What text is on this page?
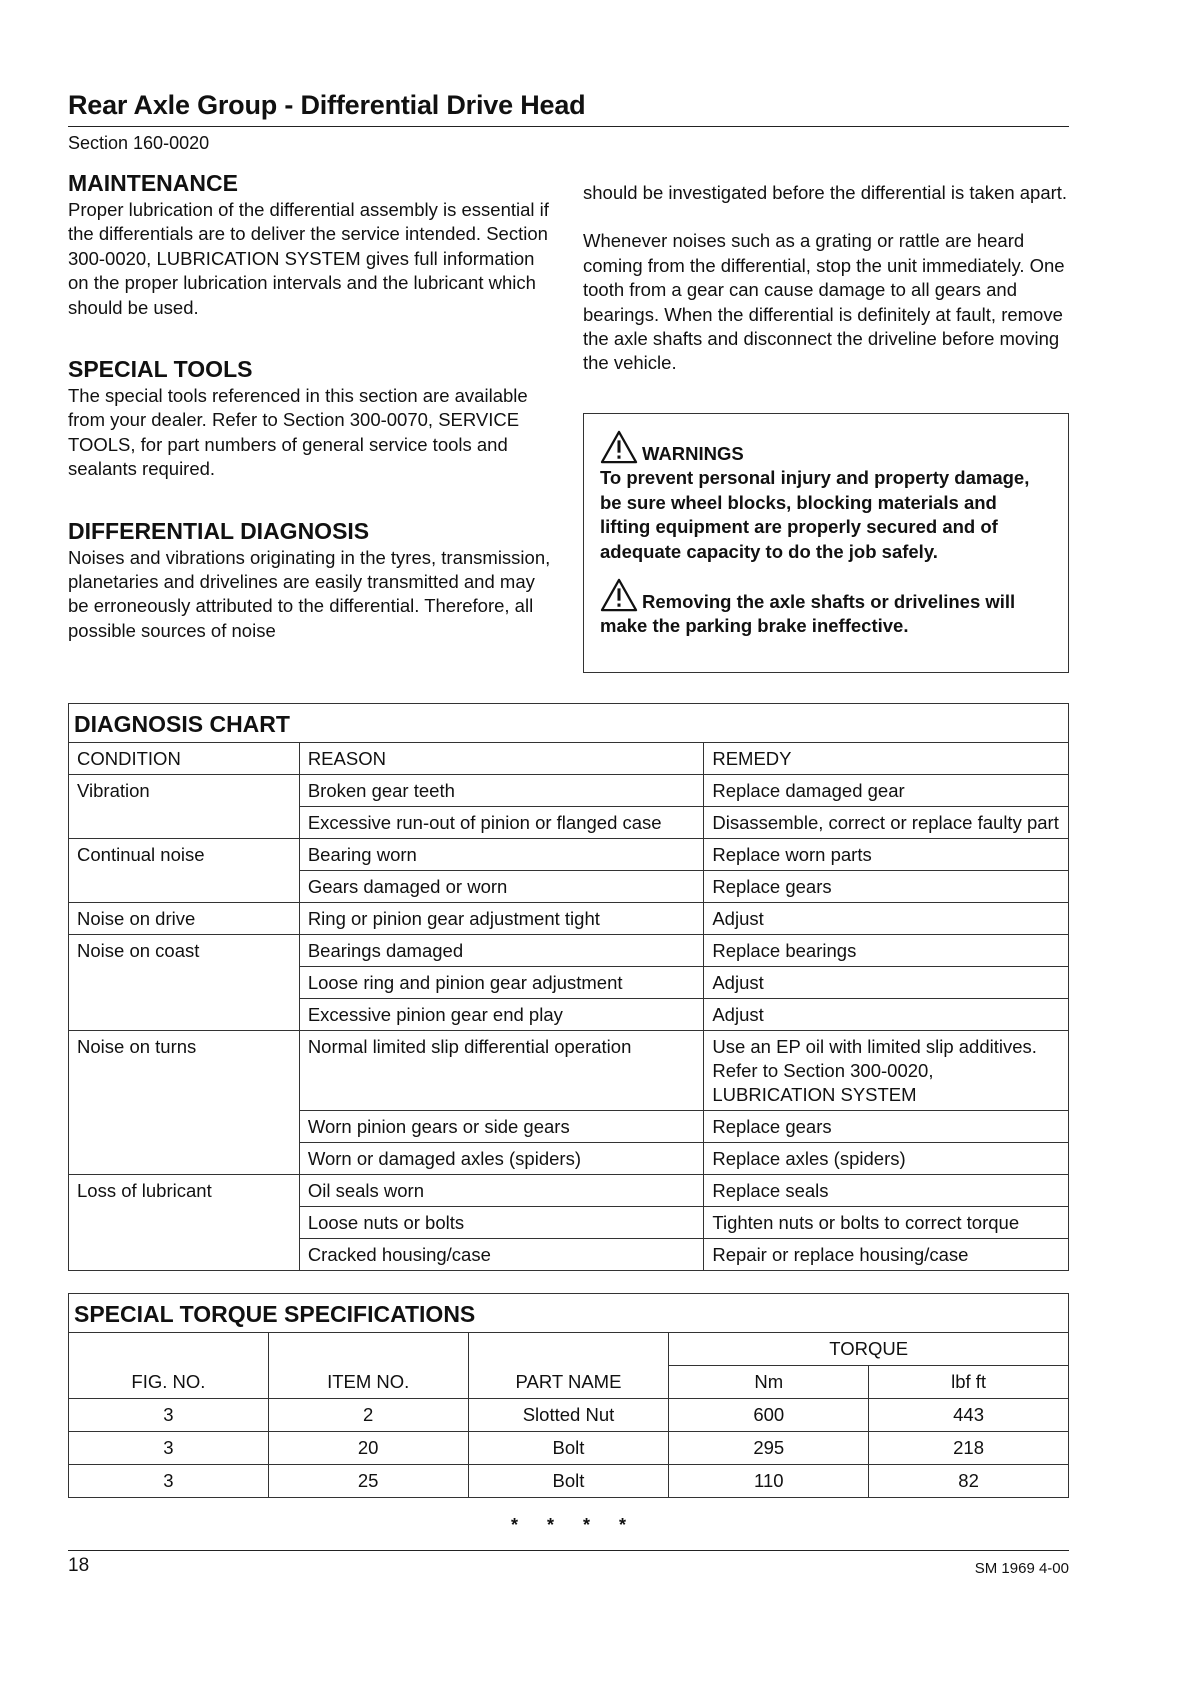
Rear Axle Group - Differential Drive Head
Section 160-0020
MAINTENANCE

Proper lubrication of the differential assembly is essential if the differentials are to deliver the service intended. Section 300-0020, LUBRICATION SYSTEM gives full information on the proper lubrication intervals and the lubricant which should be used.

SPECIAL TOOLS

The special tools referenced in this section are available from your dealer. Refer to Section 300-0070, SERVICE TOOLS, for part numbers of general service tools and sealants required.

DIFFERENTIAL DIAGNOSIS

Noises and vibrations originating in the tyres, transmission, planetaries and drivelines are easily transmitted and may be erroneously attributed to the differential. Therefore, all possible sources of noise

should be investigated before the differential is taken apart.

Whenever noises such as a grating or rattle are heard coming from the differential, stop the unit immediately. One tooth from a gear can cause damage to all gears and bearings. When the differential is definitely at fault, remove the axle shafts and disconnect the driveline before moving the vehicle.

WARNINGS
To prevent personal injury and property damage, be sure wheel blocks, blocking materials and lifting equipment are properly secured and of adequate capacity to do the job safely.
Removing the axle shafts or drivelines will make the parking brake ineffective.
DIAGNOSIS CHART		
CONDITION	REASON	REMEDY
Vibration	Broken gear teeth	Replace damaged gear
	Excessive run-out of pinion or flanged case	Disassemble, correct or replace faulty part
Continual noise	Bearing worn	Replace worn parts
	Gears damaged or worn	Replace gears
Noise on drive	Ring or pinion gear adjustment tight	Adjust
Noise on coast	Bearings damaged	Replace bearings
	Loose ring and pinion gear adjustment	Adjust
	Excessive pinion gear end play	Adjust
Noise on turns	Normal limited slip differential operation	Use an EP oil with limited slip additives. Refer to Section 300-0020, LUBRICATION SYSTEM
	Worn pinion gears or side gears	Replace gears
	Worn or damaged axles (spiders)	Replace axles (spiders)
Loss of lubricant	Oil seals worn	Replace seals
	Loose nuts or bolts	Tighten nuts or bolts to correct torque
	Cracked housing/case	Repair or replace housing/case
SPECIAL TORQUE SPECIFICATIONS				
FIG. NO.	ITEM NO.	PART NAME	TORQUE	
			Nm	lbf ft
3	2	Slotted Nut	600	443
3	20	Bolt	295	218
3	25	Bolt	110	82
* * * *
18	SM 1969 4-00
